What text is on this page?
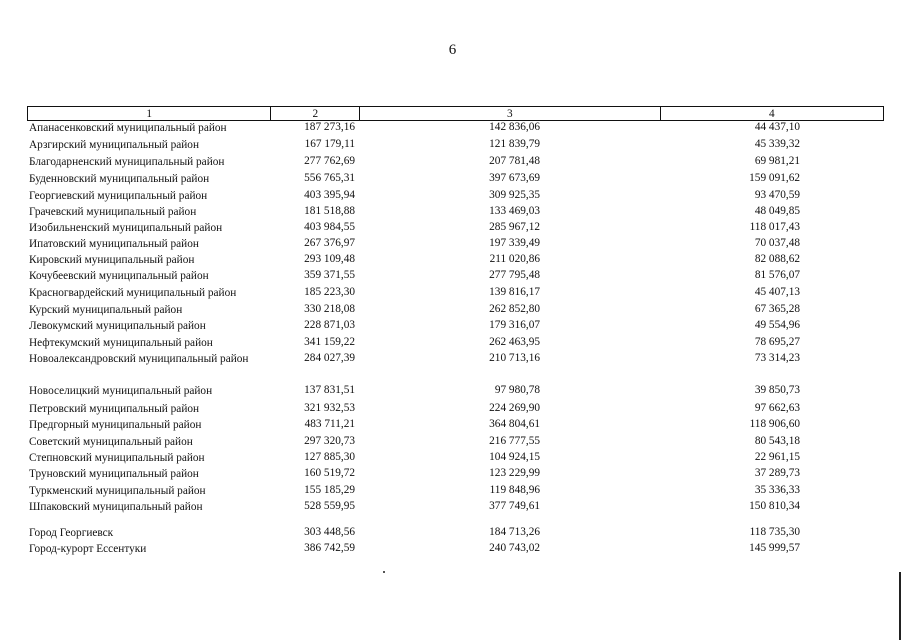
6
1	2	3	4
Апанасенковский муниципальный район	187 273,16	142 836,06	44 437,10
Арзгирский муниципальный район	167 179,11	121 839,79	45 339,32
Благодарненский муниципальный район	277 762,69	207 781,48	69 981,21
Буденновский муниципальный район	556 765,31	397 673,69	159 091,62
Георгиевский муниципальный район	403 395,94	309 925,35	93 470,59
Грачевский муниципальный район	181 518,88	133 469,03	48 049,85
Изобильненский муниципальный район	403 984,55	285 967,12	118 017,43
Ипатовский муниципальный район	267 376,97	197 339,49	70 037,48
Кировский муниципальный район	293 109,48	211 020,86	82 088,62
Кочубеевский муниципальный район	359 371,55	277 795,48	81 576,07
Красногвардейский муниципальный район	185 223,30	139 816,17	45 407,13
Курский муниципальный район	330 218,08	262 852,80	67 365,28
Левокумский муниципальный район	228 871,03	179 316,07	49 554,96
Нефтекумский муниципальный район	341 159,22	262 463,95	78 695,27
Новоалександровский муниципальный район	284 027,39	210 713,16	73 314,23
Новоселицкий муниципальный район	137 831,51	97 980,78	39 850,73
Петровский муниципальный район	321 932,53	224 269,90	97 662,63
Предгорный муниципальный район	483 711,21	364 804,61	118 906,60
Советский муниципальный район	297 320,73	216 777,55	80 543,18
Степновский муниципальный район	127 885,30	104 924,15	22 961,15
Труновский муниципальный район	160 519,72	123 229,99	37 289,73
Туркменский муниципальный район	155 185,29	119 848,96	35 336,33
Шпаковский муниципальный район	528 559,95	377 749,61	150 810,34
Город Георгиевск	303 448,56	184 713,26	118 735,30
Город-курорт Ессентуки	386 742,59	240 743,02	145 999,57
